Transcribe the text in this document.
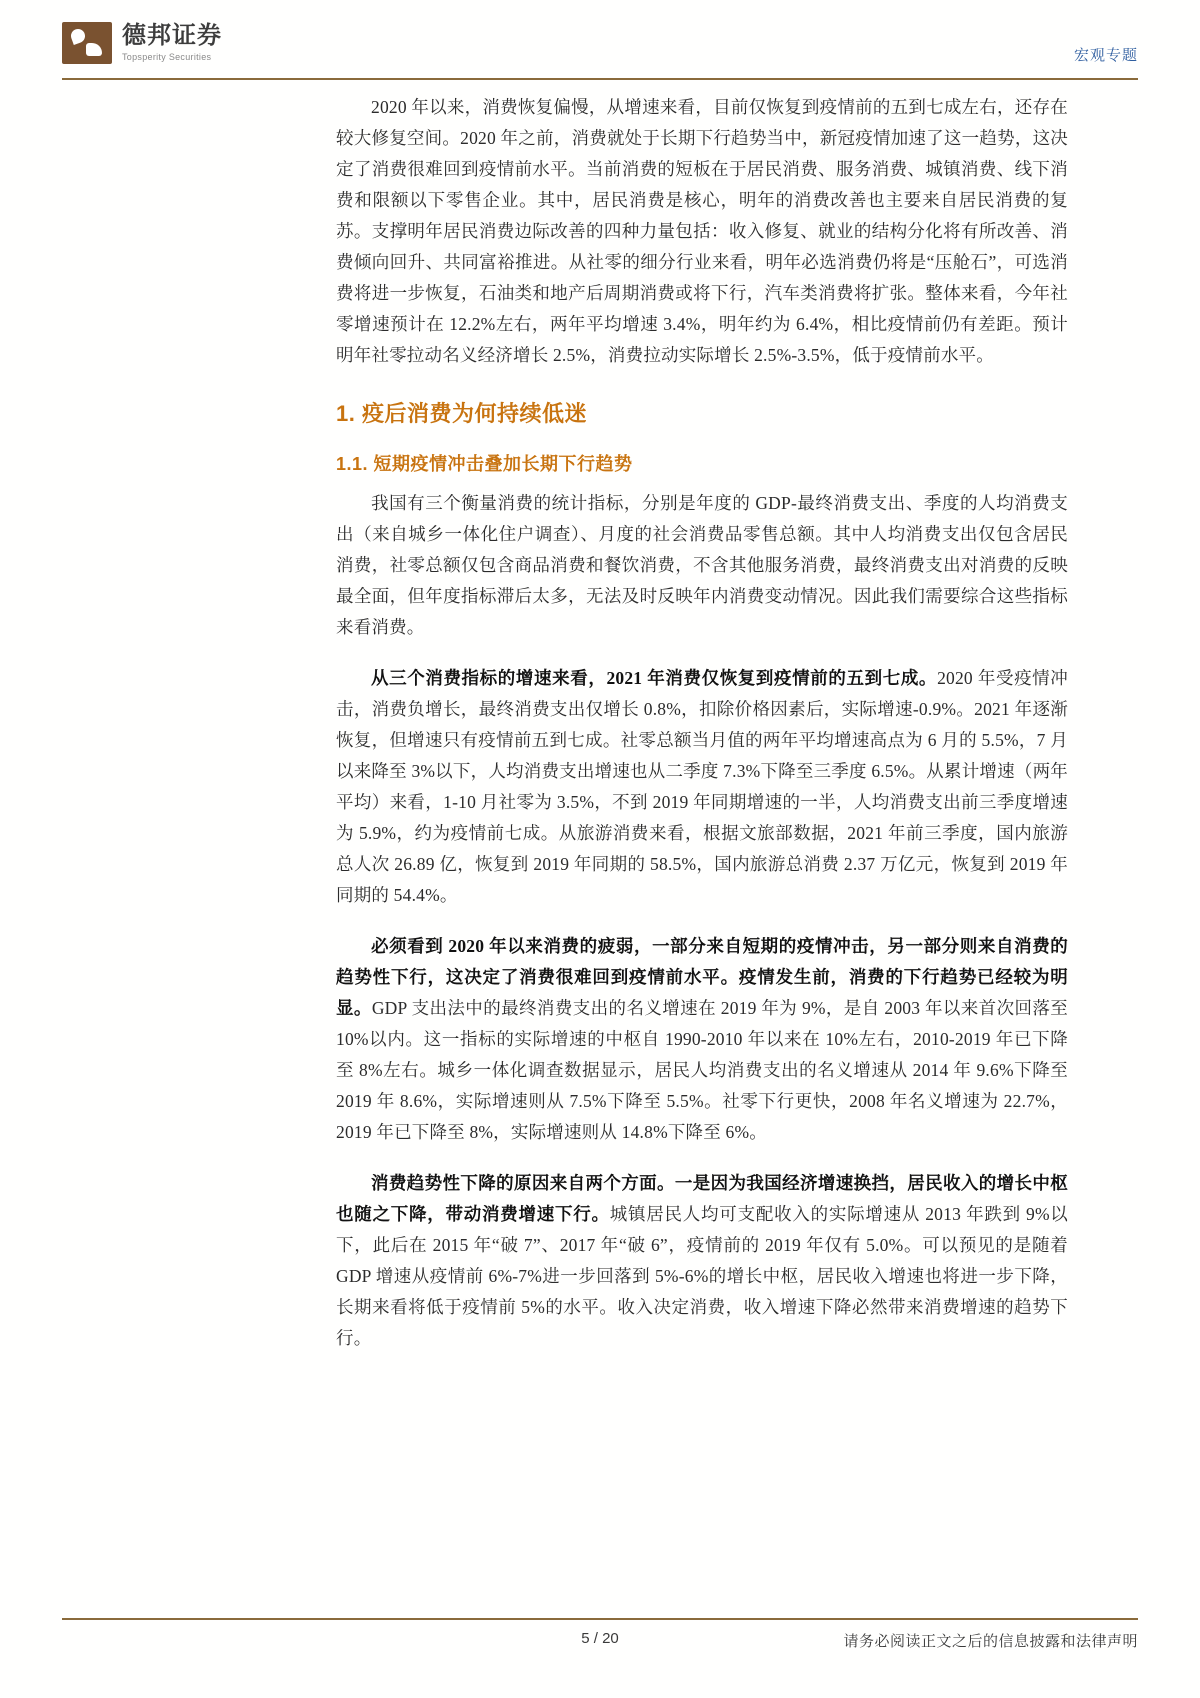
德邦证券
Topsperity Securities	宏观专题

2020 年以来，消费恢复偏慢，从增速来看，目前仅恢复到疫情前的五到七成左右，还存在较大修复空间。2020 年之前，消费就处于长期下行趋势当中，新冠疫情加速了这一趋势，这决定了消费很难回到疫情前水平。当前消费的短板在于居民消费、服务消费、城镇消费、线下消费和限额以下零售企业。其中，居民消费是核心，明年的消费改善也主要来自居民消费的复苏。支撑明年居民消费边际改善的四种力量包括：收入修复、就业的结构分化将有所改善、消费倾向回升、共同富裕推进。从社零的细分行业来看，明年必选消费仍将是“压舱石”，可选消费将进一步恢复，石油类和地产后周期消费或将下行，汽车类消费将扩张。整体来看，今年社零增速预计在 12.2%左右，两年平均增速 3.4%，明年约为 6.4%，相比疫情前仍有差距。预计明年社零拉动名义经济增长 2.5%，消费拉动实际增长 2.5%-3.5%，低于疫情前水平。

1. 疫后消费为何持续低迷
1.1. 短期疫情冲击叠加长期下行趋势

我国有三个衡量消费的统计指标，分别是年度的 GDP-最终消费支出、季度的人均消费支出（来自城乡一体化住户调查）、月度的社会消费品零售总额。其中人均消费支出仅包含居民消费，社零总额仅包含商品消费和餐饮消费，不含其他服务消费，最终消费支出对消费的反映最全面，但年度指标滞后太多，无法及时反映年内消费变动情况。因此我们需要综合这些指标来看消费。

从三个消费指标的增速来看，2021 年消费仅恢复到疫情前的五到七成。2020 年受疫情冲击，消费负增长，最终消费支出仅增长 0.8%，扣除价格因素后，实际增速-0.9%。2021 年逐渐恢复，但增速只有疫情前五到七成。社零总额当月值的两年平均增速高点为 6 月的 5.5%，7 月以来降至 3%以下，人均消费支出增速也从二季度 7.3%下降至三季度 6.5%。从累计增速（两年平均）来看，1-10 月社零为 3.5%，不到 2019 年同期增速的一半，人均消费支出前三季度增速为 5.9%，约为疫情前七成。从旅游消费来看，根据文旅部数据，2021 年前三季度，国内旅游总人次 26.89 亿，恢复到 2019 年同期的 58.5%，国内旅游总消费 2.37 万亿元，恢复到 2019 年同期的 54.4%。

必须看到 2020 年以来消费的疲弱，一部分来自短期的疫情冲击，另一部分则来自消费的趋势性下行，这决定了消费很难回到疫情前水平。疫情发生前，消费的下行趋势已经较为明显。GDP 支出法中的最终消费支出的名义增速在 2019 年为 9%，是自 2003 年以来首次回落至 10%以内。这一指标的实际增速的中枢自 1990-2010 年以来在 10%左右，2010-2019 年已下降至 8%左右。城乡一体化调查数据显示，居民人均消费支出的名义增速从 2014 年 9.6%下降至 2019 年 8.6%，实际增速则从 7.5%下降至 5.5%。社零下行更快，2008 年名义增速为 22.7%，2019 年已下降至 8%，实际增速则从 14.8%下降至 6%。

消费趋势性下降的原因来自两个方面。一是因为我国经济增速换挡，居民收入的增长中枢也随之下降，带动消费增速下行。城镇居民人均可支配收入的实际增速从 2013 年跌到 9%以下，此后在 2015 年“破 7”、2017 年“破 6”，疫情前的 2019 年仅有 5.0%。可以预见的是随着 GDP 增速从疫情前 6%-7%进一步回落到 5%-6%的增长中枢，居民收入增速也将进一步下降，长期来看将低于疫情前 5%的水平。收入决定消费，收入增速下降必然带来消费增速的趋势下行。

5 / 20	请务必阅读正文之后的信息披露和法律声明
